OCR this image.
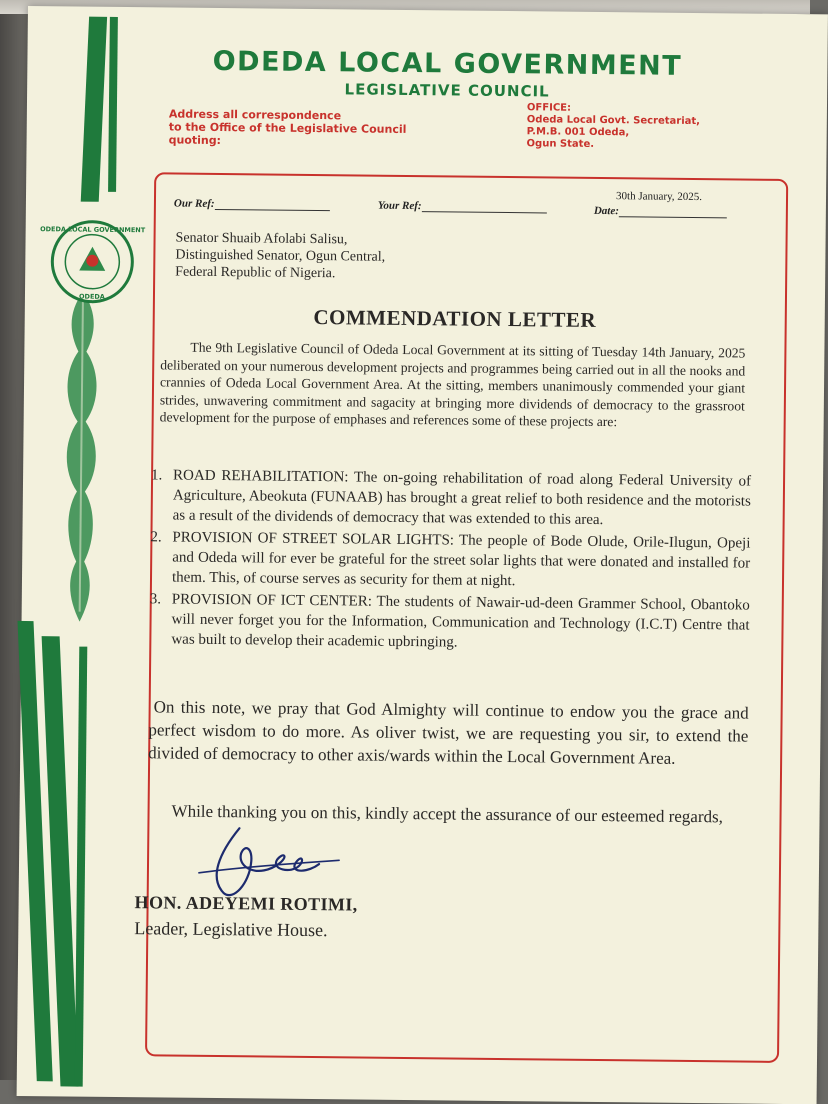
ODEDA LOCAL GOVERNMENT
ODEDA
ODEDA LOCAL GOVERNMENT
LEGISLATIVE COUNCIL
Address all correspondence
to the Office of the Legislative Council
quoting:
OFFICE:
Odeda Local Govt. Secretariat,
P.M.B. 001 Odeda,
Ogun State.
Our Ref:	Your Ref:
30th January, 2025.
Date:
Senator Shuaib Afolabi Salisu,
Distinguished Senator, Ogun Central,
Federal Republic of Nigeria.
COMMENDATION LETTER
The 9th Legislative Council of Odeda Local Government at its sitting of Tuesday 14th January, 2025 deliberated on your numerous development projects and programmes being carried out in all the nooks and crannies of Odeda Local Government Area. At the sitting, members unanimously commended your giant strides, unwavering commitment and sagacity at bringing more dividends of democracy to the grassroot development for the purpose of emphases and references some of these projects are:
1. ROAD REHABILITATION: The on-going rehabilitation of road along Federal University of Agriculture, Abeokuta (FUNAAB) has brought a great relief to both residence and the motorists as a result of the dividends of democracy that was extended to this area.
2. PROVISION OF STREET SOLAR LIGHTS: The people of Bode Olude, Orile-Ilugun, Opeji and Odeda will for ever be grateful for the street solar lights that were donated and installed for them. This, of course serves as security for them at night.
3. PROVISION OF ICT CENTER: The students of Nawair-ud-deen Grammer School, Obantoko will never forget you for the Information, Communication and Technology (I.C.T) Centre that was built to develop their academic upbringing.
On this note, we pray that God Almighty will continue to endow you the grace and perfect wisdom to do more. As oliver twist, we are requesting you sir, to extend the divided of democracy to other axis/wards within the Local Government Area.
While thanking you on this, kindly accept the assurance of our esteemed regards,
HON. ADEYEMI ROTIMI,
Leader, Legislative House.
